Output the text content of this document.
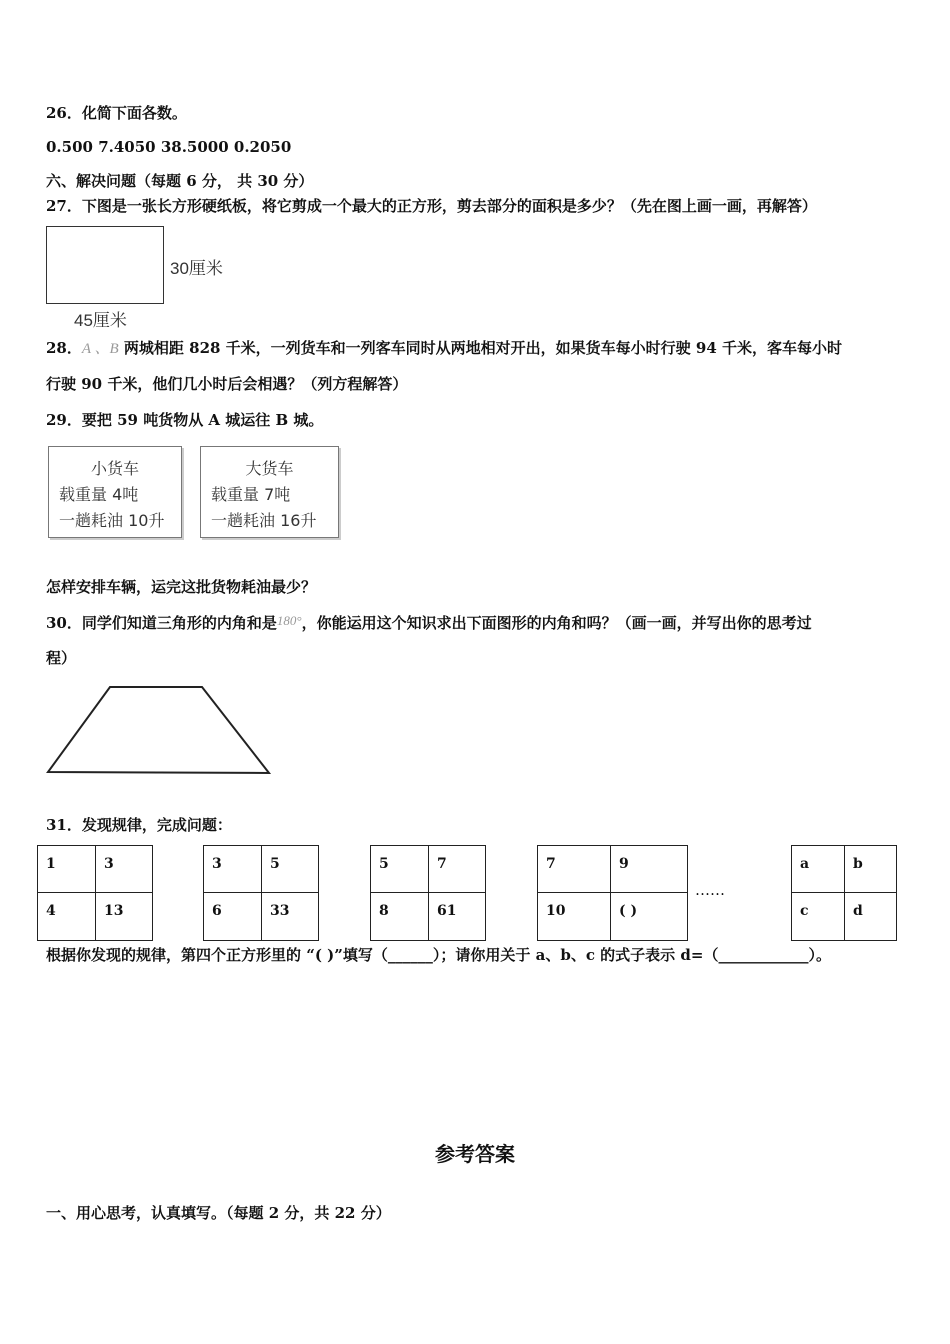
26．化简下面各数。
0.500 7.4050 38.5000 0.2050
六、解决问题（每题 6 分， 共 30 分）
27．下图是一张长方形硬纸板，将它剪成一个最大的正方形，剪去部分的面积是多少？（先在图上画一画，再解答）
30厘米
45厘米
28．A 、B 两城相距 828 千米，一列货车和一列客车同时从两地相对开出，如果货车每小时行驶 94 千米，客车每小时
行驶 90 千米，他们几小时后会相遇？（列方程解答）
29．要把 59 吨货物从 A 城运往 B 城。
小货车
载重量 4吨
一趟耗油 10升
大货车
载重量 7吨
一趟耗油 16升
怎样安排车辆，运完这批货物耗油最少？
30．同学们知道三角形的内角和是180°，你能运用这个知识求出下面图形的内角和吗？（画一画，并写出你的思考过
程）
31．发现规律，完成问题：
1	3
4	13
3	5
6	33
5	7
8	61
7	9
10	( )
……
a	b
c	d
根据你发现的规律，第四个正方形里的 “( )”填写（______）；请你用关于 a、b、c 的式子表示 d=（____________）。
参考答案
一、用心思考，认真填写。（每题 2 分，共 22 分）
